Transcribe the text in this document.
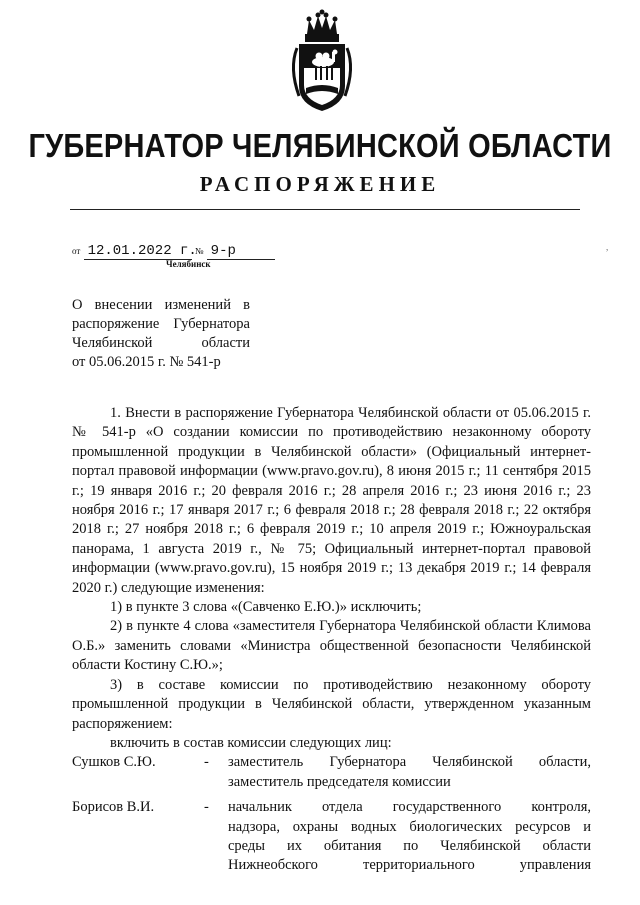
ГУБЕРНАТОР ЧЕЛЯБИНСКОЙ ОБЛАСТИ
РАСПОРЯЖЕНИЕ
от 12.01.2022 г. № 9-р
Челябинск
,
О внесении изменений в
распоряжение Губернатора
Челябинской области
от 05.06.2015 г. № 541-р
1. Внести в распоряжение Губернатора Челябинской области от 05.06.2015 г. № 541-р «О создании комиссии по противодействию незаконному обороту промышленной продукции в Челябинской области» (Официальный интернет-портал правовой информации (www.pravo.gov.ru), 8 июня 2015 г.; 11 сентября 2015 г.; 19 января 2016 г.; 20 февраля 2016 г.; 28 апреля 2016 г.; 23 июня 2016 г.; 23 ноября 2016 г.; 17 января 2017 г.; 6 февраля 2018 г.; 28 февраля 2018 г.; 22 октября 2018 г.; 27 ноября 2018 г.; 6 февраля 2019 г.; 10 апреля 2019 г.; Южноуральская панорама, 1 августа 2019 г., № 75; Официальный интернет-портал правовой информации (www.pravo.gov.ru), 15 ноября 2019 г.; 13 декабря 2019 г.; 14 февраля 2020 г.) следующие изменения:
1) в пункте 3 слова «(Савченко Е.Ю.)» исключить;
2) в пункте 4 слова «заместителя Губернатора Челябинской области Климова О.Б.» заменить словами «Министра общественной безопасности Челябинской области Костину С.Ю.»;
3) в составе комиссии по противодействию незаконному обороту промышленной продукции в Челябинской области, утвержденном указанным распоряжением:
включить в состав комиссии следующих лиц:
Сушков С.Ю.	-	заместитель Губернатора Челябинской области,
заместитель председателя комиссии
Борисов В.И.	-	начальник отдела государственного контроля,
надзора, охраны водных биологических ресурсов и
среды их обитания по Челябинской области
Нижнеобского территориального управления
